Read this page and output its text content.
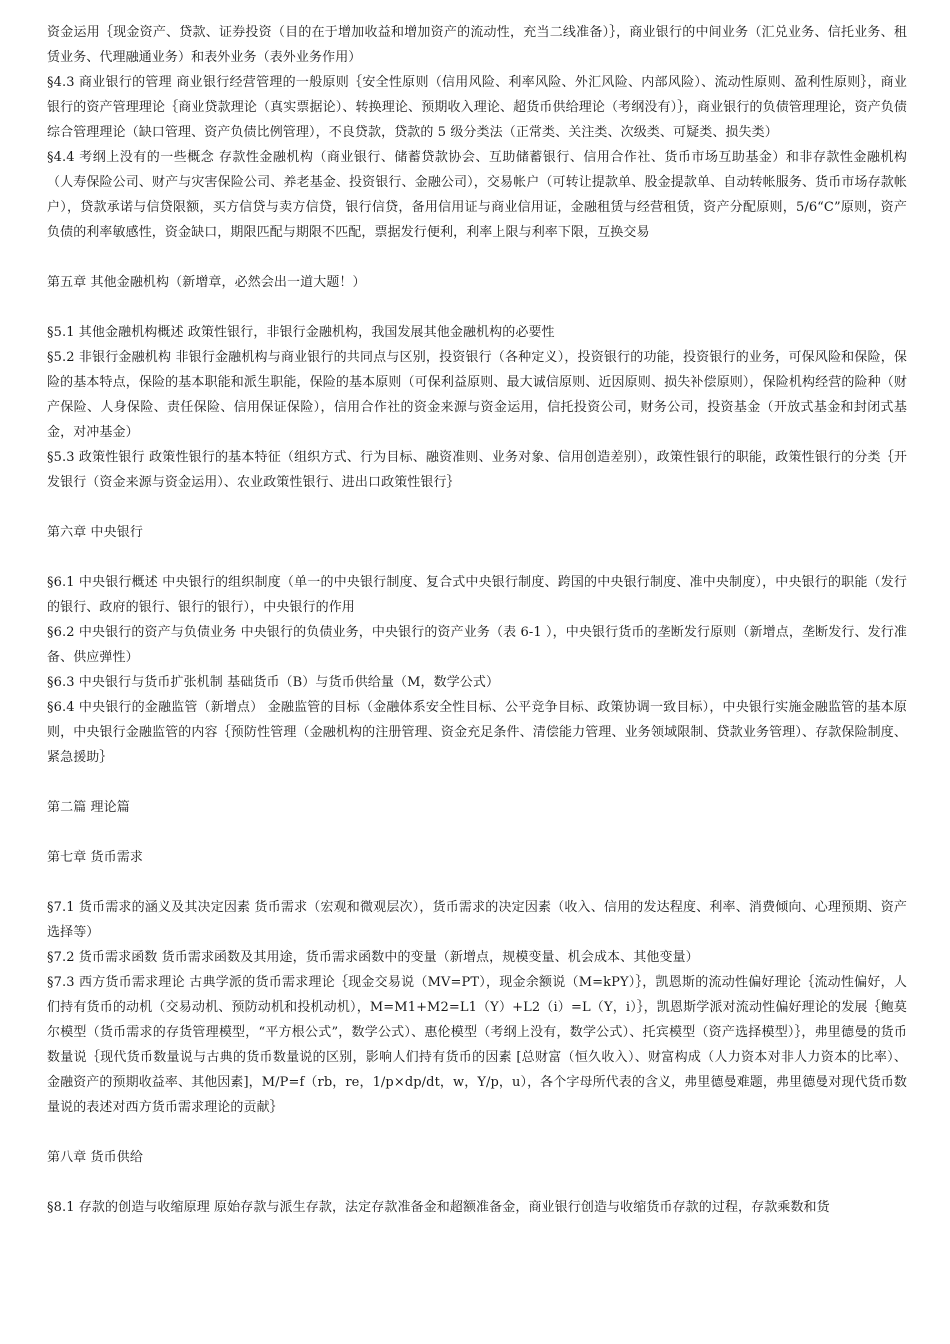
资金运用｛现金资产、贷款、证券投资（目的在于增加收益和增加资产的流动性，充当二线准备）｝，商业银行的中间业务（汇兑业务、信托业务、租赁业务、代理融通业务）和表外业务（表外业务作用）

§4.3 商业银行的管理 商业银行经营管理的一般原则｛安全性原则（信用风险、利率风险、外汇风险、内部风险）、流动性原则、盈利性原则｝，商业银行的资产管理理论｛商业贷款理论（真实票据论）、转换理论、预期收入理论、超货币供给理论（考纲没有）｝，商业银行的负债管理理论，资产负债综合管理理论（缺口管理、资产负债比例管理），不良贷款，贷款的 5 级分类法（正常类、关注类、次级类、可疑类、损失类）

§4.4 考纲上没有的一些概念 存款性金融机构（商业银行、储蓄贷款协会、互助储蓄银行、信用合作社、货币市场互助基金）和非存款性金融机构（人寿保险公司、财产与灾害保险公司、养老基金、投资银行、金融公司），交易帐户（可转让提款单、股金提款单、自动转帐服务、货币市场存款帐户），贷款承诺与信贷限额，买方信贷与卖方信贷，银行信贷，备用信用证与商业信用证，金融租赁与经营租赁，资产分配原则，5/6“C”原则，资产负债的利率敏感性，资金缺口，期限匹配与期限不匹配，票据发行便利，利率上限与利率下限，互换交易

第五章 其他金融机构（新增章，必然会出一道大题！）

§5.1 其他金融机构概述 政策性银行，非银行金融机构，我国发展其他金融机构的必要性

§5.2 非银行金融机构 非银行金融机构与商业银行的共同点与区别，投资银行（各种定义），投资银行的功能，投资银行的业务，可保风险和保险，保险的基本特点，保险的基本职能和派生职能，保险的基本原则（可保利益原则、最大诚信原则、近因原则、损失补偿原则），保险机构经营的险种（财产保险、人身保险、责任保险、信用保证保险），信用合作社的资金来源与资金运用，信托投资公司，财务公司，投资基金（开放式基金和封闭式基金，对冲基金）

§5.3 政策性银行 政策性银行的基本特征（组织方式、行为目标、融资准则、业务对象、信用创造差别），政策性银行的职能，政策性银行的分类｛开发银行（资金来源与资金运用）、农业政策性银行、进出口政策性银行｝

第六章 中央银行

§6.1 中央银行概述 中央银行的组织制度（单一的中央银行制度、复合式中央银行制度、跨国的中央银行制度、准中央制度），中央银行的职能（发行的银行、政府的银行、银行的银行），中央银行的作用

§6.2 中央银行的资产与负债业务 中央银行的负债业务，中央银行的资产业务（表 6-1 ），中央银行货币的垄断发行原则（新增点，垄断发行、发行准备、供应弹性）

§6.3 中央银行与货币扩张机制 基础货币（B）与货币供给量（M，数学公式）

§6.4 中央银行的金融监管（新增点） 金融监管的目标（金融体系安全性目标、公平竞争目标、政策协调一致目标），中央银行实施金融监管的基本原则，中央银行金融监管的内容｛预防性管理（金融机构的注册管理、资金充足条件、清偿能力管理、业务领域限制、贷款业务管理）、存款保险制度、紧急援助｝

第二篇 理论篇

第七章 货币需求

§7.1 货币需求的涵义及其决定因素 货币需求（宏观和微观层次），货币需求的决定因素（收入、信用的发达程度、利率、消费倾向、心理预期、资产选择等）

§7.2 货币需求函数 货币需求函数及其用途，货币需求函数中的变量（新增点，规模变量、机会成本、其他变量）

§7.3 西方货币需求理论 古典学派的货币需求理论｛现金交易说（MV=PT），现金余额说（M=kPY）｝，凯恩斯的流动性偏好理论｛流动性偏好，人们持有货币的动机（交易动机、预防动机和投机动机），M=M1+M2=L1（Y）+L2（i）=L（Y，i）｝，凯恩斯学派对流动性偏好理论的发展｛鲍莫尔模型（货币需求的存货管理模型，“平方根公式”，数学公式）、惠伦模型（考纲上没有，数学公式）、托宾模型（资产选择模型）｝，弗里德曼的货币数量说｛现代货币数量说与古典的货币数量说的区别，影响人们持有货币的因素 [总财富（恒久收入）、财富构成（人力资本对非人力资本的比率）、金融资产的预期收益率、其他因素]，M/P=f（rb，re，1/p×dp/dt，w，Y/p，u），各个字母所代表的含义，弗里德曼难题，弗里德曼对现代货币数量说的表述对西方货币需求理论的贡献｝

第八章 货币供给

§8.1 存款的创造与收缩原理 原始存款与派生存款，法定存款准备金和超额准备金，商业银行创造与收缩货币存款的过程，存款乘数和货
